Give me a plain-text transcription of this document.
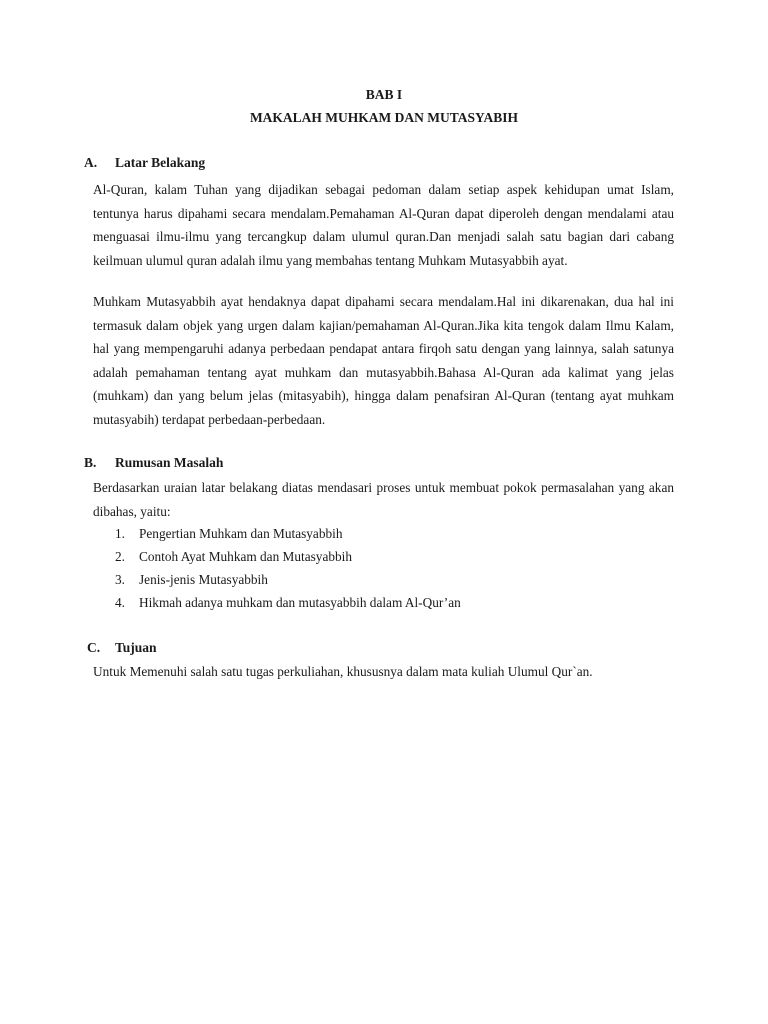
BAB I
MAKALAH MUHKAM DAN MUTASYABIH
A. Latar Belakang

Al-Quran, kalam Tuhan yang dijadikan sebagai pedoman dalam setiap aspek kehidupan umat Islam, tentunya harus dipahami secara mendalam.Pemahaman Al-Quran dapat diperoleh dengan mendalami atau menguasai ilmu-ilmu yang tercangkup dalam ulumul quran.Dan menjadi salah satu bagian dari cabang keilmuan ulumul quran adalah ilmu yang membahas tentang Muhkam Mutasyabbih ayat.

Muhkam Mutasyabbih ayat hendaknya dapat dipahami secara mendalam.Hal ini dikarenakan, dua hal ini termasuk dalam objek yang urgen dalam kajian/pemahaman Al-Quran.Jika kita tengok dalam Ilmu Kalam, hal yang mempengaruhi adanya perbedaan pendapat antara firqoh satu dengan yang lainnya, salah satunya adalah pemahaman tentang ayat muhkam dan mutasyabbih.Bahasa Al-Quran ada kalimat yang jelas (muhkam) dan yang belum jelas (mitasyabih), hingga dalam penafsiran Al-Quran (tentang ayat muhkam mutasyabih) terdapat perbedaan-perbedaan.

B. Rumusan Masalah

Berdasarkan uraian latar belakang diatas mendasari proses untuk membuat pokok permasalahan yang akan dibahas, yaitu:

1. Pengertian Muhkam dan Mutasyabbih
2. Contoh Ayat Muhkam dan Mutasyabbih
3. Jenis-jenis Mutasyabbih
4. Hikmah adanya muhkam dan mutasyabbih dalam Al-Qur’an
C. Tujuan

Untuk Memenuhi salah satu tugas perkuliahan, khususnya dalam mata kuliah Ulumul Qur`an.
